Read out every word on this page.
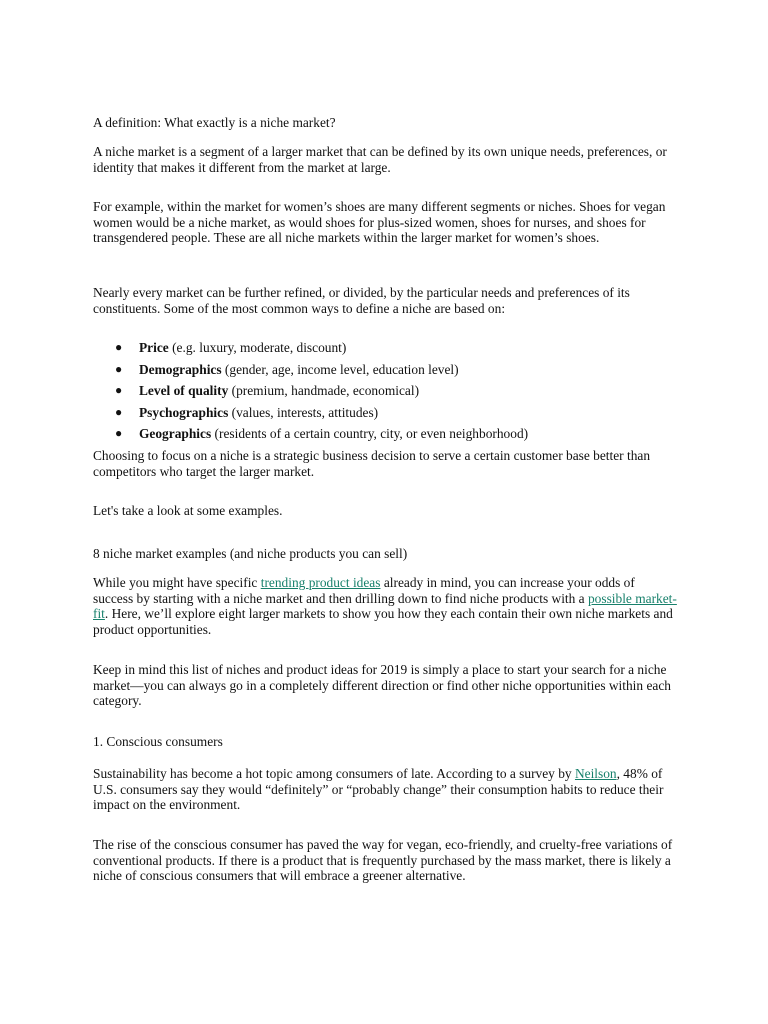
A definition: What exactly is a niche market?

A niche market is a segment of a larger market that can be defined by its own unique needs, preferences, or identity that makes it different from the market at large.

For example, within the market for women’s shoes are many different segments or niches. Shoes for vegan women would be a niche market, as would shoes for plus-sized women, shoes for nurses, and shoes for transgendered people. These are all niche markets within the larger market for women’s shoes.

Nearly every market can be further refined, or divided, by the particular needs and preferences of its constituents. Some of the most common ways to define a niche are based on:

● Price (e.g. luxury, moderate, discount)
● Demographics (gender, age, income level, education level)
● Level of quality (premium, handmade, economical)
● Psychographics (values, interests, attitudes)
● Geographics (residents of a certain country, city, or even neighborhood)

Choosing to focus on a niche is a strategic business decision to serve a certain customer base better than competitors who target the larger market.

Let's take a look at some examples.

8 niche market examples (and niche products you can sell)

While you might have specific trending product ideas already in mind, you can increase your odds of success by starting with a niche market and then drilling down to find niche products with a possible market-fit. Here, we’ll explore eight larger markets to show you how they each contain their own niche markets and product opportunities.

Keep in mind this list of niches and product ideas for 2019 is simply a place to start your search for a niche market—you can always go in a completely different direction or find other niche opportunities within each category.

1. Conscious consumers

Sustainability has become a hot topic among consumers of late. According to a survey by Neilson, 48% of U.S. consumers say they would “definitely” or “probably change” their consumption habits to reduce their impact on the environment.

The rise of the conscious consumer has paved the way for vegan, eco-friendly, and cruelty-free variations of conventional products. If there is a product that is frequently purchased by the mass market, there is likely a niche of conscious consumers that will embrace a greener alternative.
